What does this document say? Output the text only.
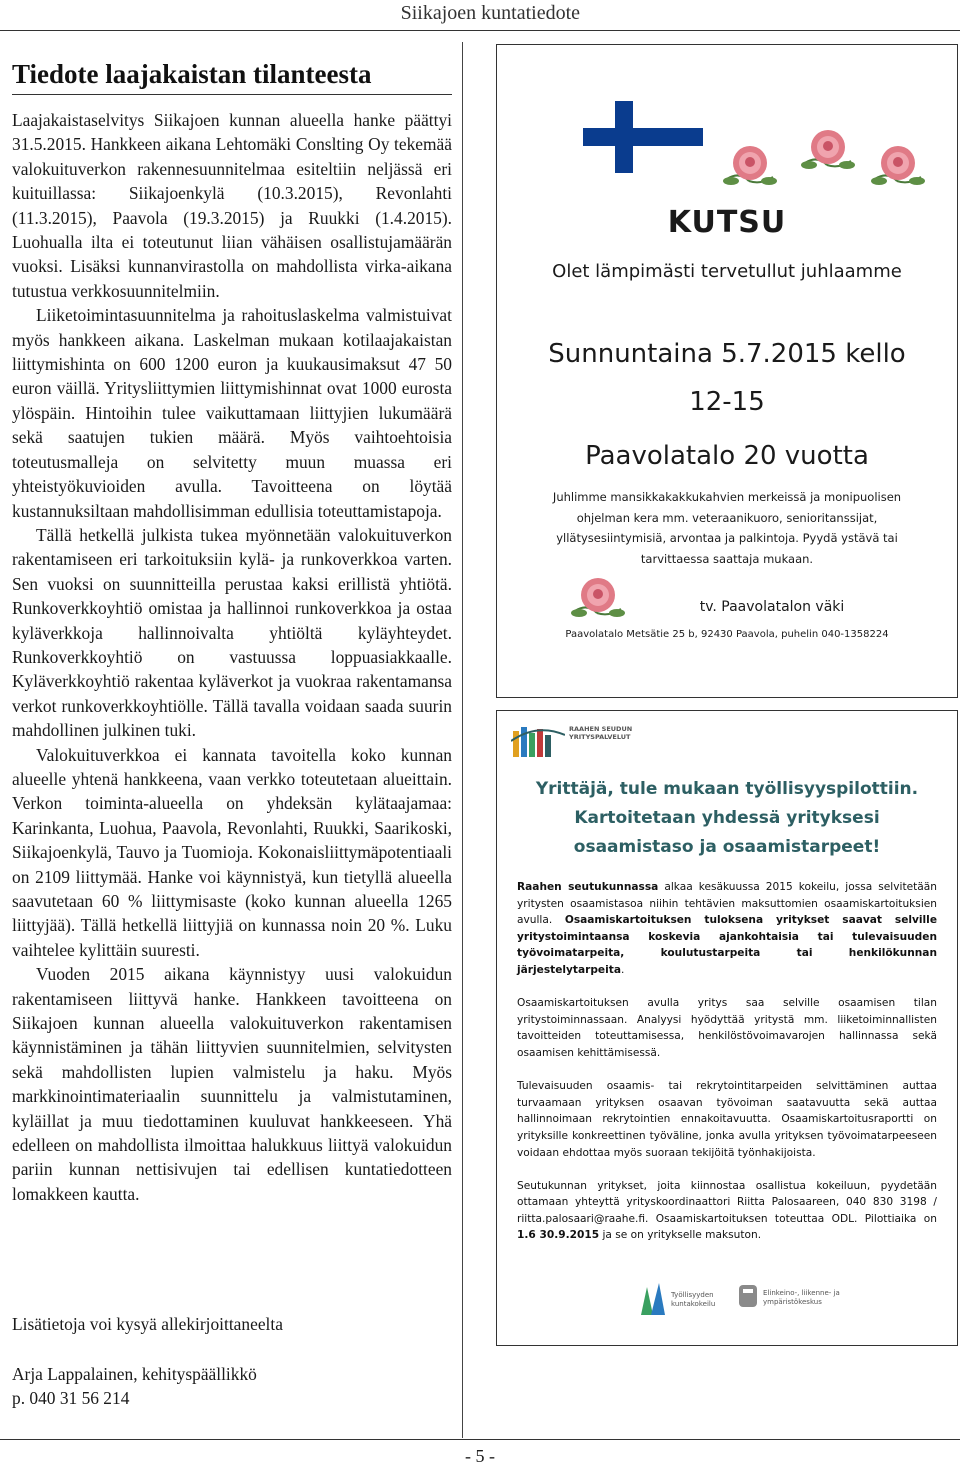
Siikajoen kuntatiedote
Tiedote laajakaistan tilanteesta

Laajakaistaselvitys Siikajoen kunnan alueella hanke päättyi 31.5.2015. Hankkeen aikana Lehtomäki Conslting Oy tekemää valokuituverkon rakennesuunnitelmaa esiteltiin neljässä eri kuituillassa: Siikajoenkylä (10.3.2015), Revonlahti (11.3.2015), Paavola (19.3.2015) ja Ruukki (1.4.2015). Luohualla ilta ei toteutunut liian vähäisen osallistujamäärän vuoksi. Lisäksi kunnanvirastolla on mahdollista virka-aikana tutustua verkkosuunnitelmiin.

Liiketoimintasuunnitelma ja rahoituslaskelma valmistuivat myös hankkeen aikana. Laskelman mukaan kotilaajakaistan liittymishinta on 600 1200 euron ja kuukausimaksut 47 50 euron väillä. Yritysliittymien liittymishinnat ovat 1000 eurosta ylöspäin. Hintoihin tulee vaikuttamaan liittyjien lukumäärä sekä saatujen tukien määrä. Myös vaihtoehtoisia toteutusmalleja on selvitetty muun muassa eri yhteistyökuvioiden avulla. Tavoitteena on löytää kustannuksiltaan mahdollisimman edullisia toteuttamistapoja.

Tällä hetkellä julkista tukea myönnetään valokuituverkon rakentamiseen eri tarkoituksiin kylä- ja runkoverkkoa varten. Sen vuoksi on suunnitteilla perustaa kaksi erillistä yhtiötä. Runkoverkkoyhtiö omistaa ja hallinnoi runkoverkkoa ja ostaa kyläverkkoja hallinnoivalta yhtiöltä kyläyhteydet. Runkoverkkoyhtiö on vastuussa loppuasiakkaalle. Kyläverkkoyhtiö rakentaa kyläverkot ja vuokraa rakentamansa verkot runkoverkkoyhtiölle. Tällä tavalla voidaan saada suurin mahdollinen julkinen tuki.

Valokuituverkkoa ei kannata tavoitella koko kunnan alueelle yhtenä hankkeena, vaan verkko toteutetaan alueittain. Verkon toiminta-alueella on yhdeksän kylätaajamaa: Karinkanta, Luohua, Paavola, Revonlahti, Ruukki, Saarikoski, Siikajoenkylä, Tauvo ja Tuomioja. Kokonaisliittymäpotentiaali on 2109 liittymää. Hanke voi käynnistyä, kun tietyllä alueella saavutetaan 60 % liittymisaste (koko kunnan alueella 1265 liittyjää). Tällä hetkellä liittyjiä on kunnassa noin 20 %. Luku vaihtelee kylittäin suuresti.

Vuoden 2015 aikana käynnistyy uusi valokuidun rakentamiseen liittyvä hanke. Hankkeen tavoitteena on Siikajoen kunnan alueella valokuituverkon rakentamisen käynnistäminen ja tähän liittyvien suunnitelmien, selvitysten sekä mahdollisten lupien valmistelu ja haku. Myös markkinointimateriaalin suunnittelu ja valmistutaminen, kyläillat ja muu tiedottaminen kuuluvat hankkeeseen. Yhä edelleen on mahdollista ilmoittaa halukkuus liittyä valokuidun pariin kunnan nettisivujen tai edellisen kuntatiedotteen lomakkeen kautta.

Lisätietoja voi kysyä allekirjoittaneelta
Arja Lappalainen, kehityspäällikkö
p. 040 31 56 214
KUTSU
Olet lämpimästi tervetullut juhlaamme
Sunnuntaina 5.7.2015 kello
12-15
Paavolatalo 20 vuotta
Juhlimme mansikkakakkukahvien merkeissä ja monipuolisen ohjelman kera mm. veteraanikuoro, senioritanssijat, yllätysesiintymisiä, arvontaa ja palkintoja. Pyydä ystävä tai tarvittaessa saattaja mukaan.
tv. Paavolatalon väki
Paavolatalo Metsätie 25 b, 92430 Paavola, puhelin 040-1358224
RAAHEN SEUDUN YRITYSPALVELUT
Yrittäjä, tule mukaan työllisyyspilottiin.
Kartoitetaan yhdessä yrityksesi
osaamistaso ja osaamistarpeet!

Raahen seutukunnassa alkaa kesäkuussa 2015 kokeilu, jossa selvitetään yritysten osaamistasoa niihin tehtävien maksuttomien osaamiskartoituksien avulla. Osaamiskartoituksen tuloksena yritykset saavat selville yritystoimintaansa koskevia ajankohtaisia tai tulevaisuuden työvoimatarpeita, koulutustarpeita tai henkilökunnan järjestelytarpeita.

Osaamiskartoituksen avulla yritys saa selville osaamisen tilan yritystoiminnassaan. Analyysi hyödyttää yritystä mm. liiketoiminnallisten tavoitteiden toteuttamisessa, henkilöstövoimavarojen hallinnassa sekä osaamisen kehittämisessä.

Tulevaisuuden osaamis- tai rekrytointitarpeiden selvittäminen auttaa turvaamaan yrityksen osaavan työvoiman saatavuutta sekä auttaa hallinnoimaan rekrytointien ennakoitavuutta. Osaamiskartoitusraportti on yrityksille konkreettinen työväline, jonka avulla yrityksen työvoimatarpeeseen voidaan ehdottaa myös suoraan tekijöitä työnhakijoista.

Seutukunnan yritykset, joita kiinnostaa osallistua kokeiluun, pyydetään ottamaan yhteyttä yrityskoordinaattori Riitta Palosaareen, 040 830 3198 / riitta.palosaari@raahe.fi. Osaamiskartoituksen toteuttaa ODL. Pilottiaika on 1.6 30.9.2015 ja se on yritykselle maksuton.

Työllisyyden kuntakokeilu
Elinkeino-, liikenne- ja ympäristökeskus
- 5 -
